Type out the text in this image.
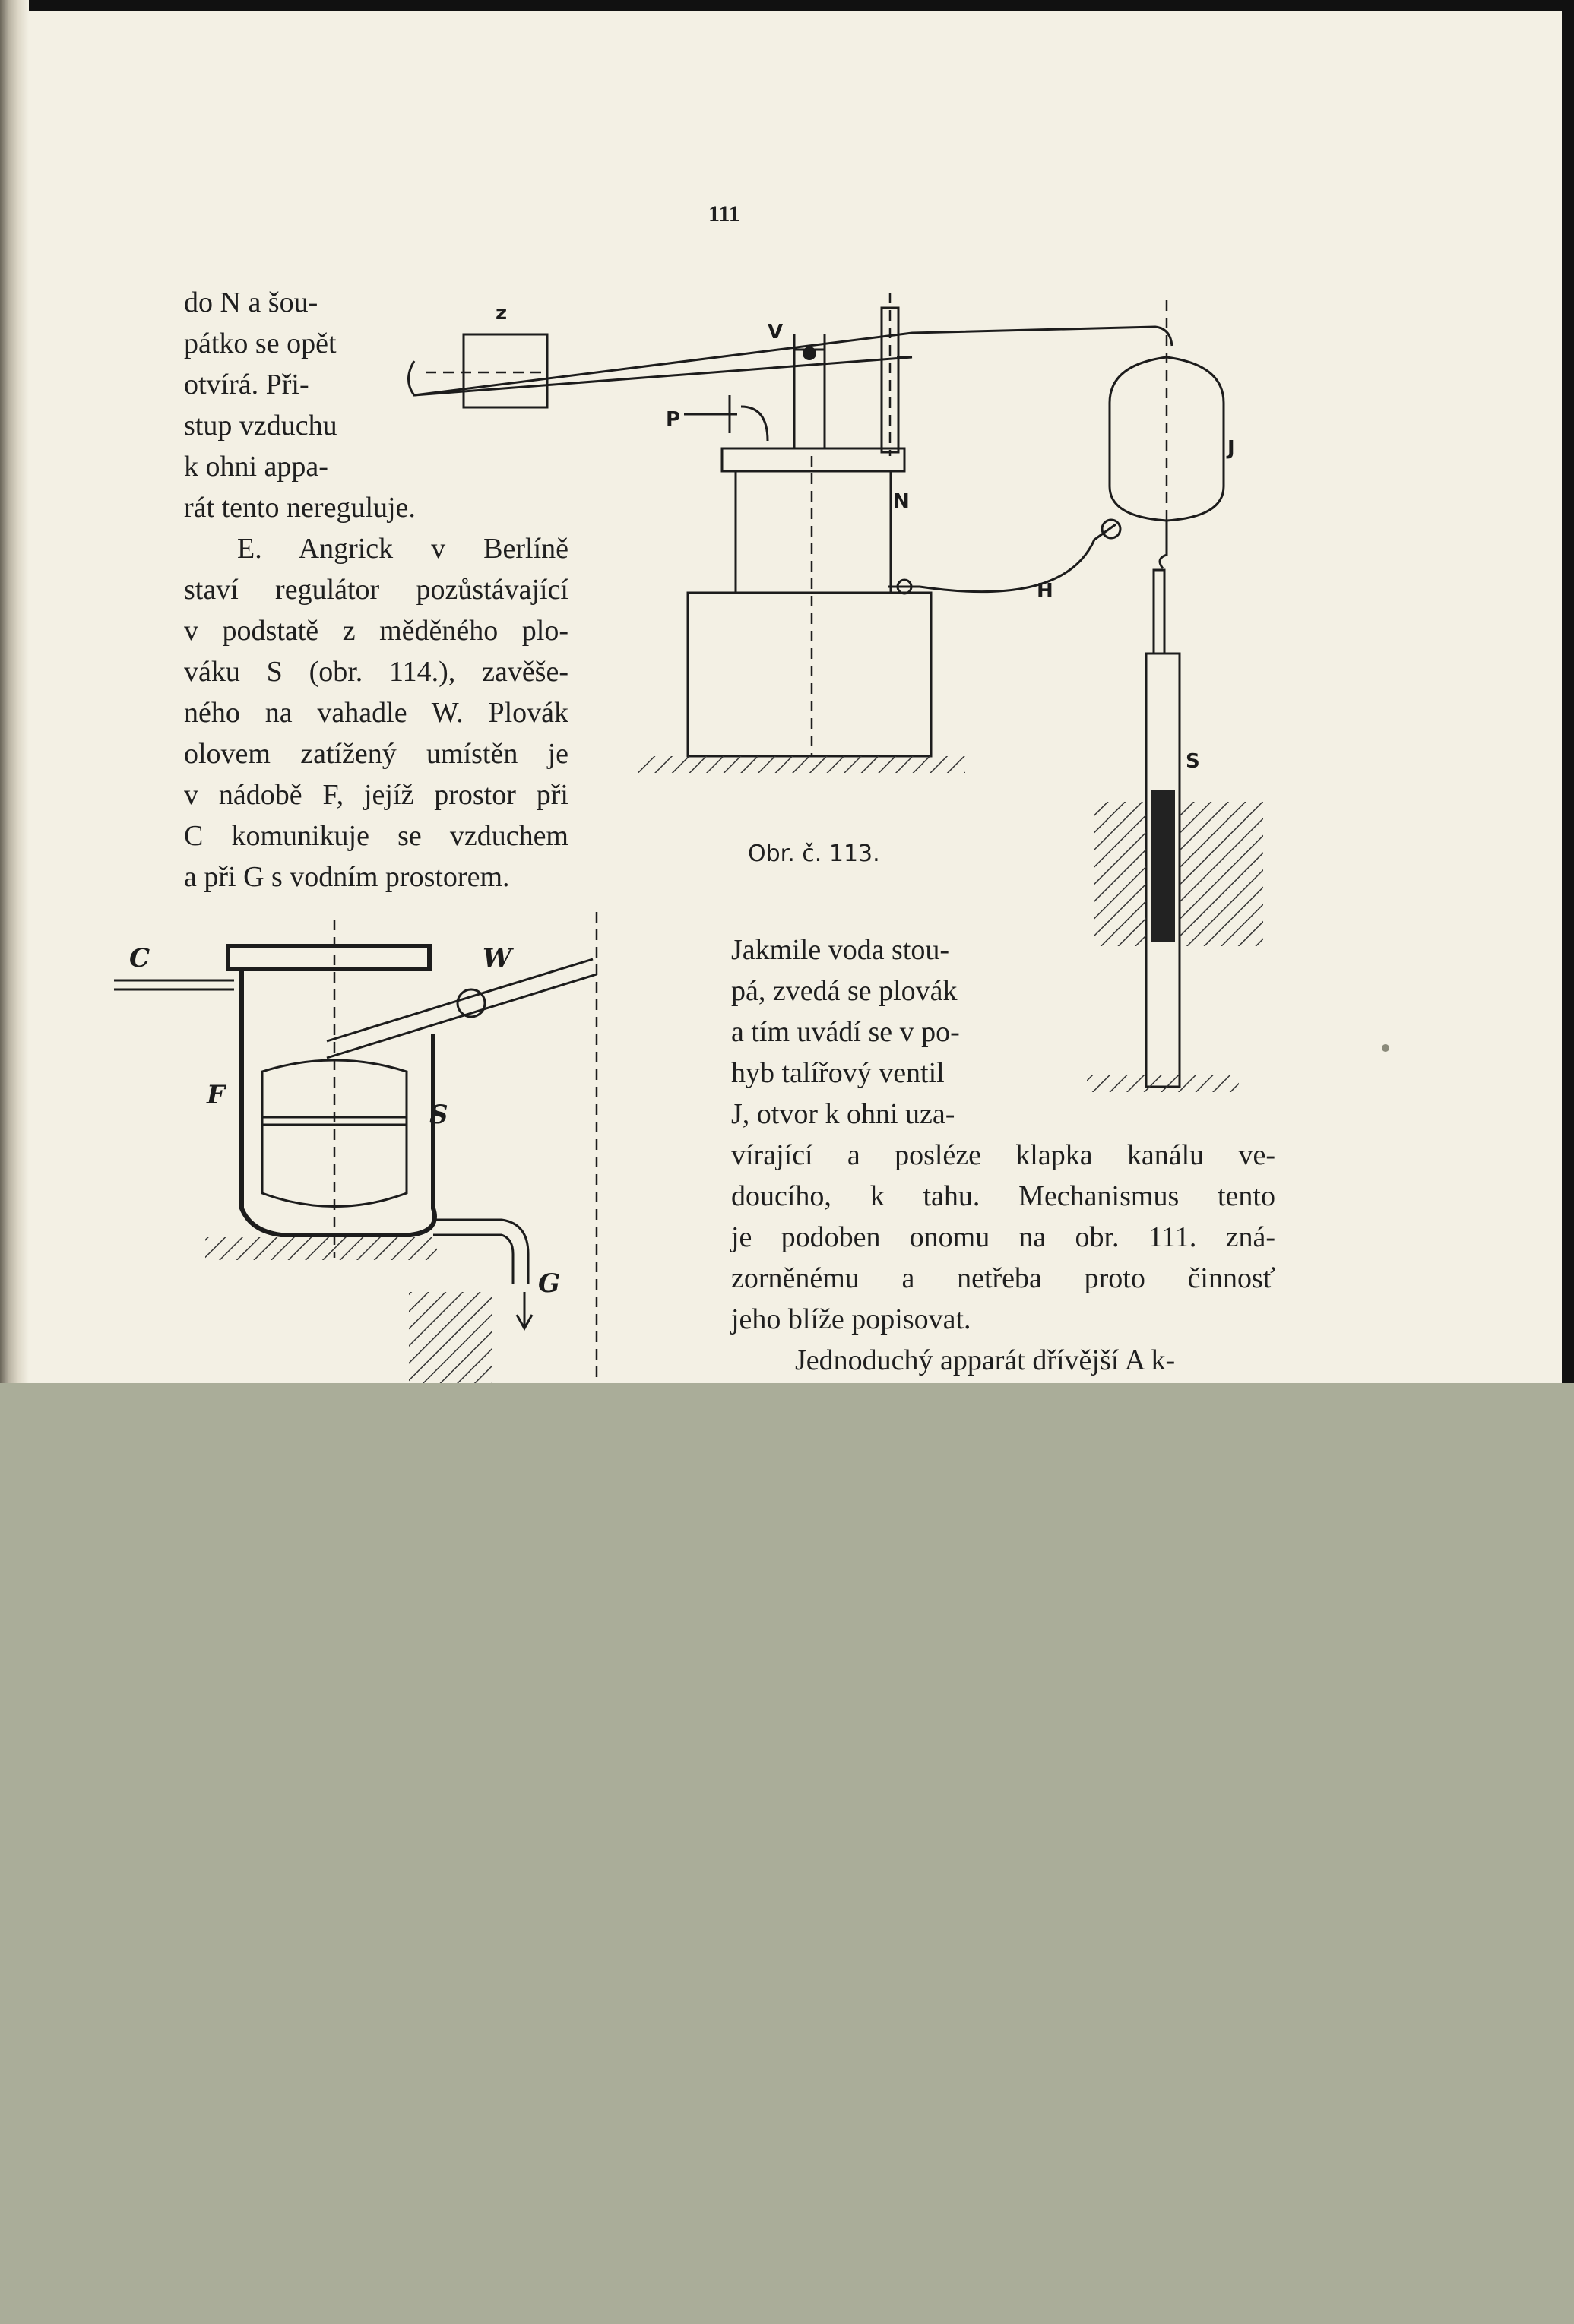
111
do N a šou-
pátko se opět
otvírá. Při-
stup vzduchu
k ohni appa-
rát tento nereguluje.
E. Angrick v Berlíně
staví regulátor pozůstávající
v podstatě z měděného plo-
váku S (obr. 114.), zavěše-
ného na vahadle W. Plovák
olovem zatížený umístěn je
v nádobě F, jejíž prostor při
C komunikuje se vzduchem
a při G s vodním prostorem.
Jakmile voda stou-
pá, zvedá se plovák
a tím uvádí se v po-
hyb talířový ventil
J, otvor k ohni uza-
vírající a posléze klapka kanálu ve-
doucího, k tahu. Mechanismus tento
je podoben onomu na obr. 111. zná-
zorněnému a netřeba proto činnosť
jeho blíže popisovat.
Jednoduchý apparát dřívější A k-
Obr. č. 113.
z
V
P
N
H
J
S
C
F
S
W
G
